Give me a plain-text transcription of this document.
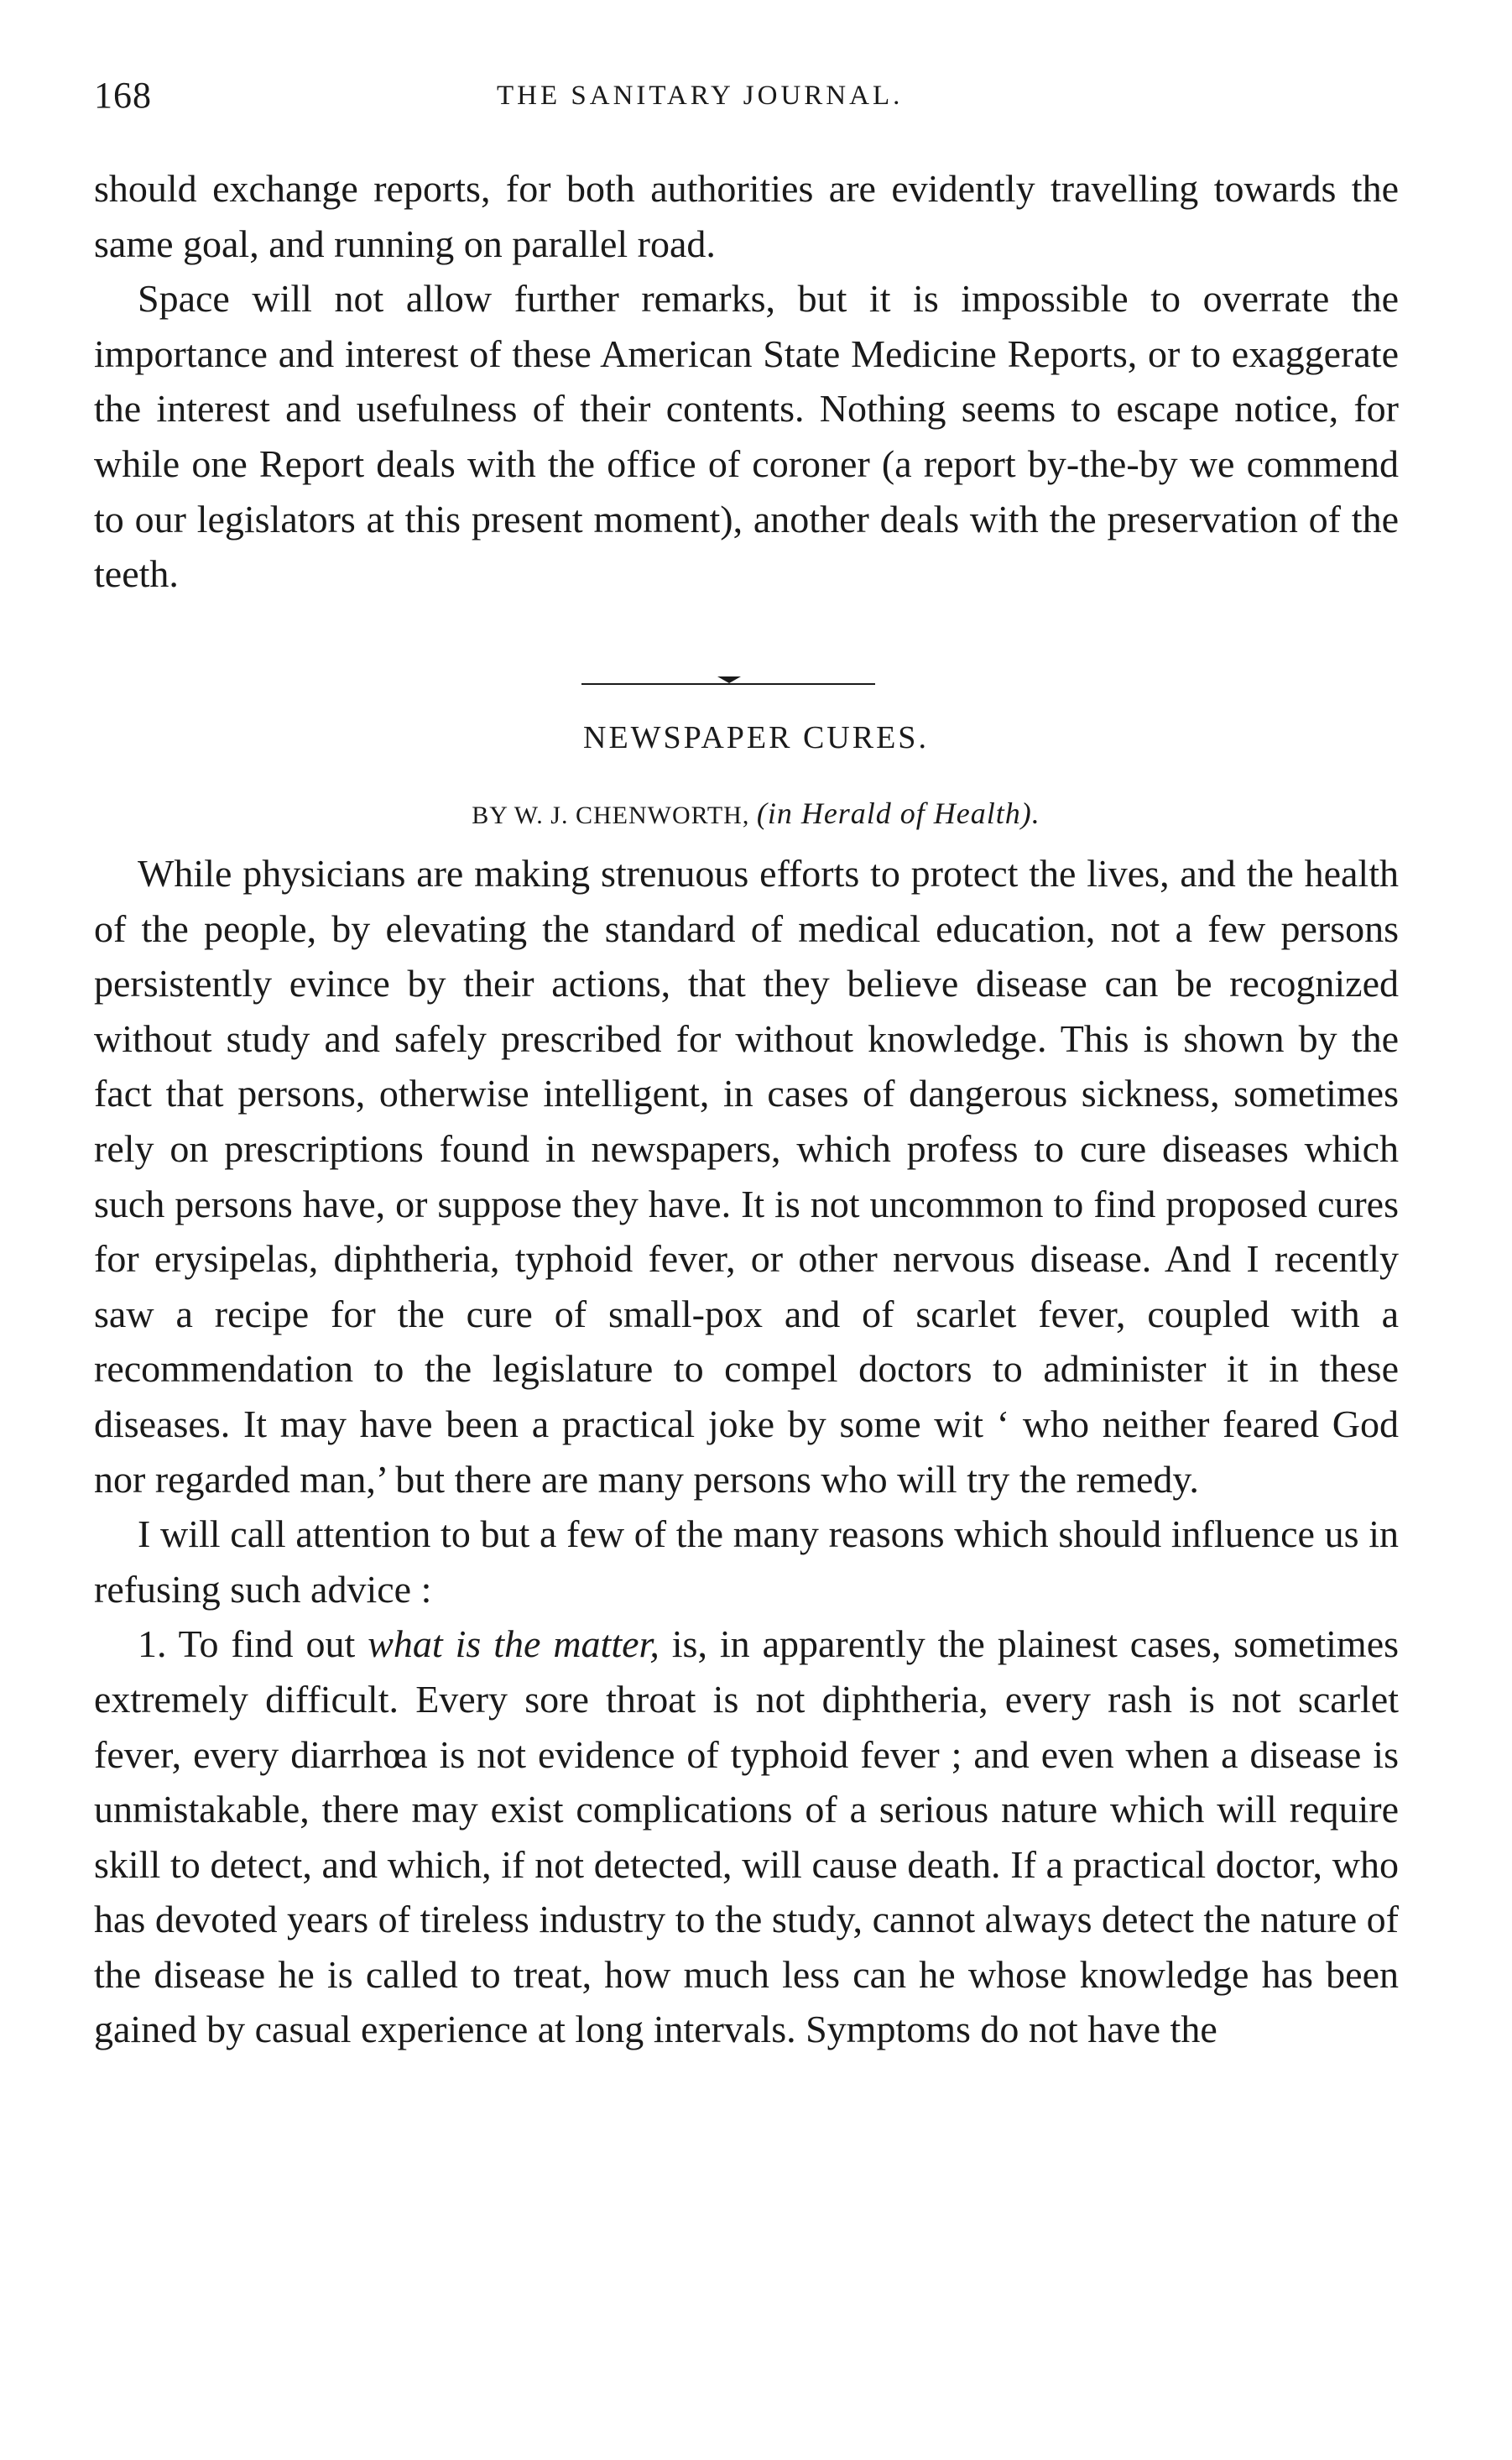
168	THE SANITARY JOURNAL.

should exchange reports, for both authorities are evidently travelling towards the same goal, and running on parallel road.

Space will not allow further remarks, but it is impossible to overrate the importance and interest of these American State Medicine Reports, or to exaggerate the interest and usefulness of their contents. Nothing seems to escape notice, for while one Report deals with the office of coroner (a report by-the-by we commend to our legislators at this present moment), another deals with the preservation of the teeth.

NEWSPAPER CURES.
BY W. J. CHENWORTH, (in Herald of Health).

While physicians are making strenuous efforts to protect the lives, and the health of the people, by elevating the standard of medical education, not a few persons persistently evince by their actions, that they believe disease can be recognized without study and safely prescribed for without knowledge. This is shown by the fact that persons, otherwise intelligent, in cases of dangerous sickness, sometimes rely on prescriptions found in newspapers, which profess to cure diseases which such persons have, or suppose they have. It is not uncommon to find proposed cures for erysipelas, diphtheria, typhoid fever, or other nervous disease. And I recently saw a recipe for the cure of small-pox and of scarlet fever, coupled with a recommendation to the legislature to compel doctors to administer it in these diseases. It may have been a practical joke by some wit ‘ who neither feared God nor regarded man,’ but there are many persons who will try the remedy.

I will call attention to but a few of the many reasons which should influence us in refusing such advice :

1. To find out what is the matter, is, in apparently the plainest cases, sometimes extremely difficult. Every sore throat is not diphtheria, every rash is not scarlet fever, every diarrhœa is not evidence of typhoid fever ; and even when a disease is unmistakable, there may exist complications of a serious nature which will require skill to detect, and which, if not detected, will cause death. If a practical doctor, who has devoted years of tireless industry to the study, cannot always detect the nature of the disease he is called to treat, how much less can he whose knowledge has been gained by casual experience at long intervals. Symptoms do not have the
